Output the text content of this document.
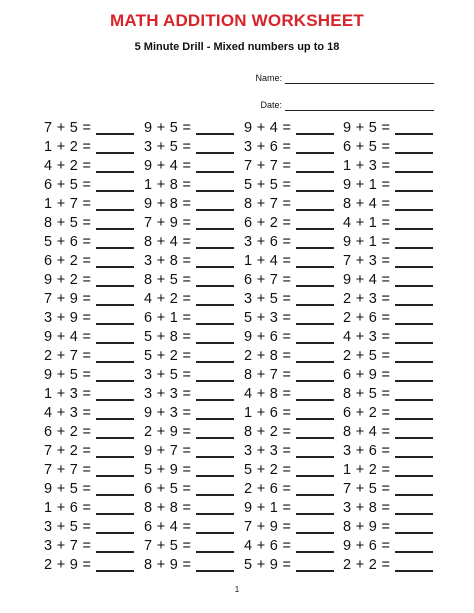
MATH ADDITION WORKSHEET
5 Minute Drill - Mixed numbers up to 18
Name:
Date:
7 + 5 =	9 + 5 =	9 + 4 =	9 + 5 =
1 + 2 =	3 + 5 =	3 + 6 =	6 + 5 =
4 + 2 =	9 + 4 =	7 + 7 =	1 + 3 =
6 + 5 =	1 + 8 =	5 + 5 =	9 + 1 =
1 + 7 =	9 + 8 =	8 + 7 =	8 + 4 =
8 + 5 =	7 + 9 =	6 + 2 =	4 + 1 =
5 + 6 =	8 + 4 =	3 + 6 =	9 + 1 =
6 + 2 =	3 + 8 =	1 + 4 =	7 + 3 =
9 + 2 =	8 + 5 =	6 + 7 =	9 + 4 =
7 + 9 =	4 + 2 =	3 + 5 =	2 + 3 =
3 + 9 =	6 + 1 =	5 + 3 =	2 + 6 =
9 + 4 =	5 + 8 =	9 + 6 =	4 + 3 =
2 + 7 =	5 + 2 =	2 + 8 =	2 + 5 =
9 + 5 =	3 + 5 =	8 + 7 =	6 + 9 =
1 + 3 =	3 + 3 =	4 + 8 =	8 + 5 =
4 + 3 =	9 + 3 =	1 + 6 =	6 + 2 =
6 + 2 =	2 + 9 =	8 + 2 =	8 + 4 =
7 + 2 =	9 + 7 =	3 + 3 =	3 + 6 =
7 + 7 =	5 + 9 =	5 + 2 =	1 + 2 =
9 + 5 =	6 + 5 =	2 + 6 =	7 + 5 =
1 + 6 =	8 + 8 =	9 + 1 =	3 + 8 =
3 + 5 =	6 + 4 =	7 + 9 =	8 + 9 =
3 + 7 =	7 + 5 =	4 + 6 =	9 + 6 =
2 + 9 =	8 + 9 =	5 + 9 =	2 + 2 =
1
